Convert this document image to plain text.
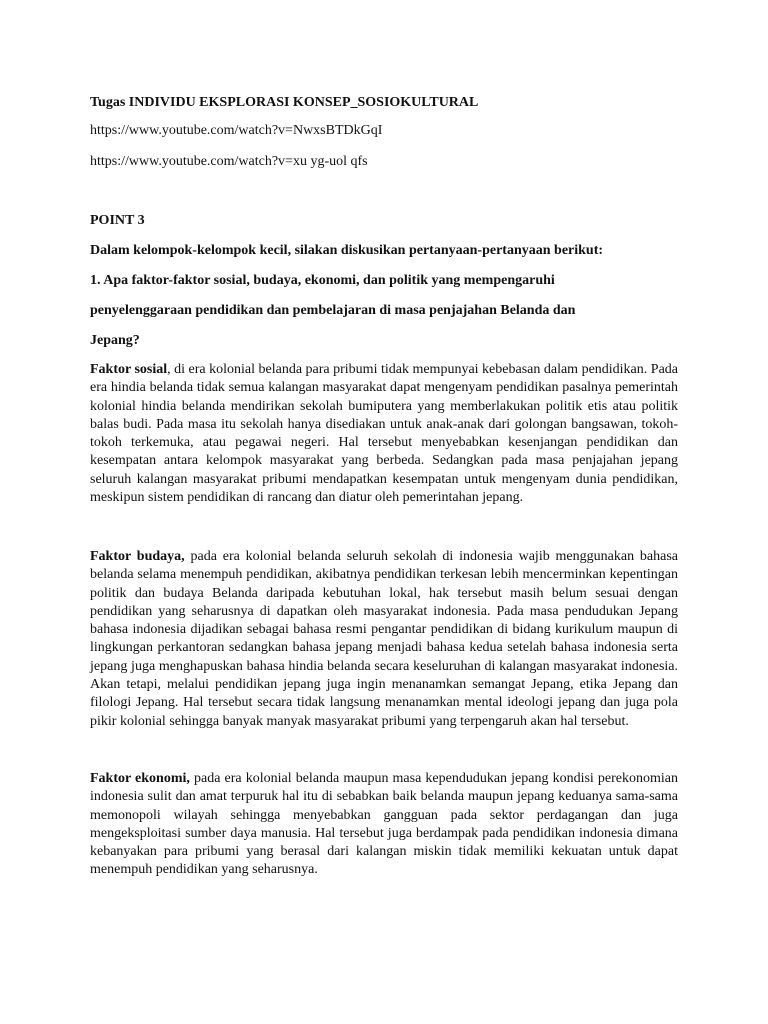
Tugas INDIVIDU EKSPLORASI KONSEP_SOSIOKULTURAL
https://www.youtube.com/watch?v=NwxsBTDkGqI
https://www.youtube.com/watch?v=xu yg-uol qfs
POINT 3
Dalam kelompok-kelompok kecil, silakan diskusikan pertanyaan-pertanyaan berikut:
1. Apa faktor-faktor sosial, budaya, ekonomi, dan politik yang mempengaruhi
penyelenggaraan pendidikan dan pembelajaran di masa penjajahan Belanda dan
Jepang?

Faktor sosial, di era kolonial belanda para pribumi tidak mempunyai kebebasan dalam pendidikan. Pada era hindia belanda tidak semua kalangan masyarakat dapat mengenyam pendidikan pasalnya pemerintah kolonial hindia belanda mendirikan sekolah bumiputera yang memberlakukan politik etis atau politik balas budi. Pada masa itu sekolah hanya disediakan untuk anak-anak dari golongan bangsawan, tokoh-tokoh terkemuka, atau pegawai negeri. Hal tersebut menyebabkan kesenjangan pendidikan dan kesempatan antara kelompok masyarakat yang berbeda. Sedangkan pada masa penjajahan jepang seluruh kalangan masyarakat pribumi mendapatkan kesempatan untuk mengenyam dunia pendidikan, meskipun sistem pendidikan di rancang dan diatur oleh pemerintahan jepang.

Faktor budaya, pada era kolonial belanda seluruh sekolah di indonesia wajib menggunakan bahasa belanda selama menempuh pendidikan, akibatnya pendidikan terkesan lebih mencerminkan kepentingan politik dan budaya Belanda daripada kebutuhan lokal, hak tersebut masih belum sesuai dengan pendidikan yang seharusnya di dapatkan oleh masyarakat indonesia. Pada masa pendudukan Jepang bahasa indonesia dijadikan sebagai bahasa resmi pengantar pendidikan di bidang kurikulum maupun di lingkungan perkantoran sedangkan bahasa jepang menjadi bahasa kedua setelah bahasa indonesia serta jepang juga menghapuskan bahasa hindia belanda secara keseluruhan di kalangan masyarakat indonesia. Akan tetapi, melalui pendidikan jepang juga ingin menanamkan semangat Jepang, etika Jepang dan filologi Jepang. Hal tersebut secara tidak langsung menanamkan mental ideologi jepang dan juga pola pikir kolonial sehingga banyak manyak masyarakat pribumi yang terpengaruh akan hal tersebut.

Faktor ekonomi, pada era kolonial belanda maupun masa kependudukan jepang kondisi perekonomian indonesia sulit dan amat terpuruk hal itu di sebabkan baik belanda maupun jepang keduanya sama-sama memonopoli wilayah sehingga menyebabkan gangguan pada sektor perdagangan dan juga mengeksploitasi sumber daya manusia. Hal tersebut juga berdampak pada pendidikan indonesia dimana kebanyakan para pribumi yang berasal dari kalangan miskin tidak memiliki kekuatan untuk dapat menempuh pendidikan yang seharusnya.
